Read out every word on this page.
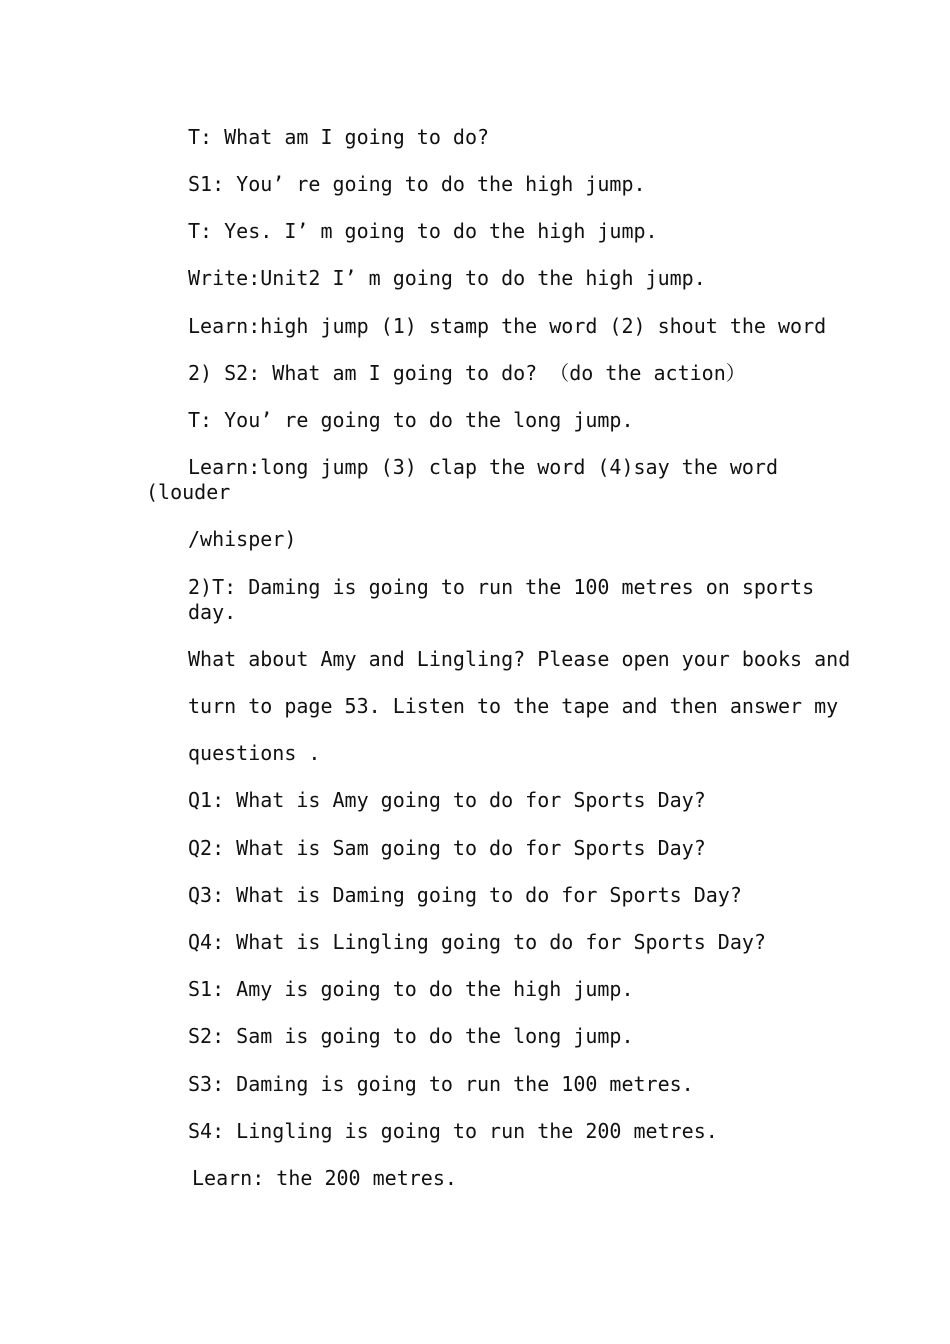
T: What am I going to do?

S1: You’ re going to do the high jump.

T: Yes. I’ m going to do the high jump.

Write:Unit2 I’ m going to do the high jump.

Learn:high jump (1) stamp the word (2) shout the word

2) S2: What am I going to do? （do the action）

T: You’ re going to do the long jump.

Learn:long jump (3) clap the word (4)say the word

(louder

/whisper)

2)T: Daming is going to run the 100 metres on sports

day.

What about Amy and Lingling? Please open your books and

turn to page 53. Listen to the tape and then answer my

questions .

Q1: What is Amy going to do for Sports Day?

Q2: What is Sam going to do for Sports Day?

Q3: What is Daming going to do for Sports Day?

Q4: What is Lingling going to do for Sports Day?

S1: Amy is going to do the high jump.

S2: Sam is going to do the long jump.

S3: Daming is going to run the 100 metres.

S4: Lingling is going to run the 200 metres.

Learn: the 200 metres.
